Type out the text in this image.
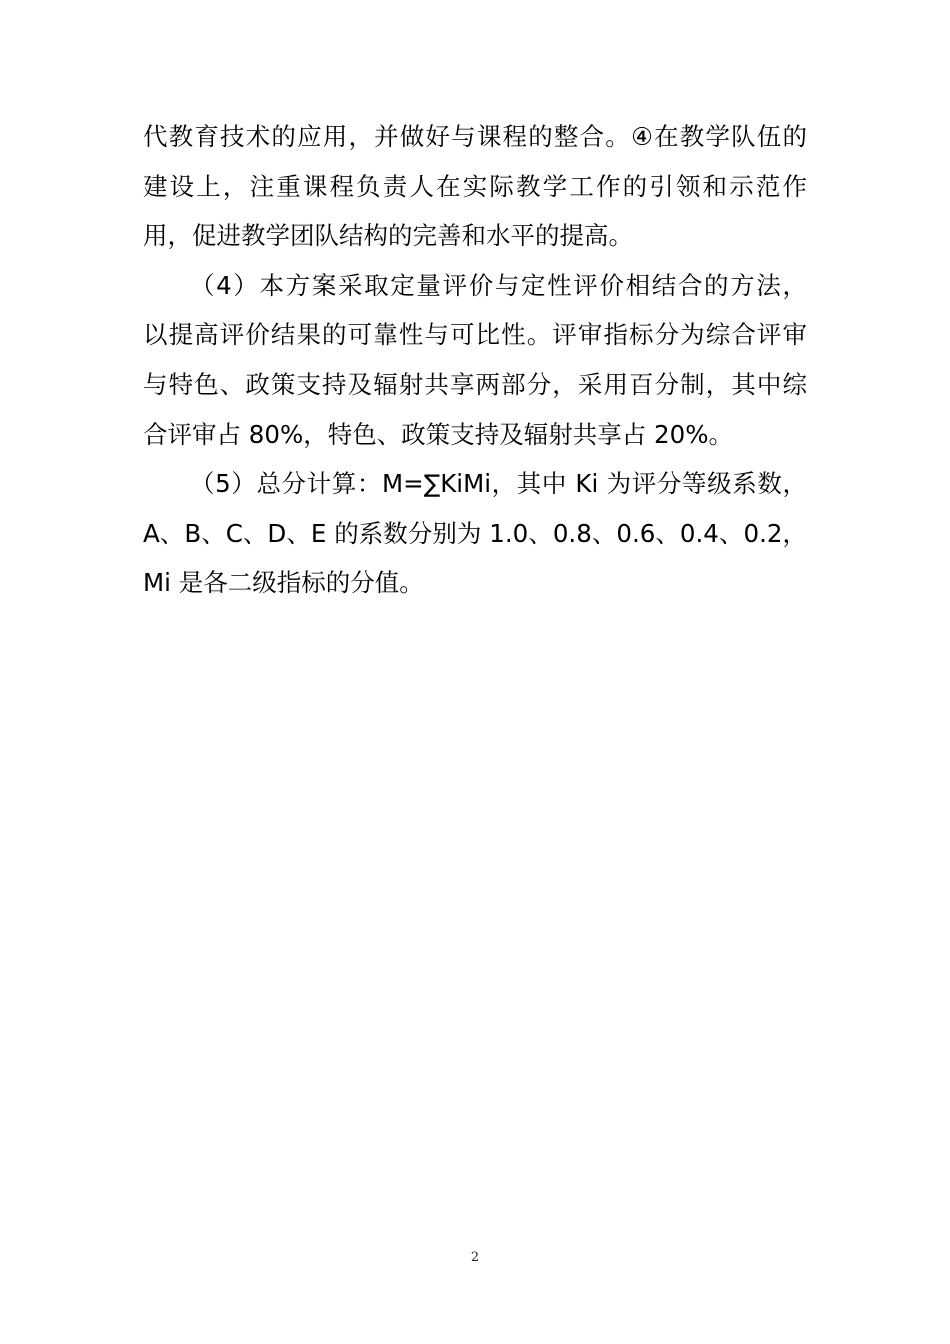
代教育技术的应用，并做好与课程的整合。④在教学队伍的
建设上，注重课程负责人在实际教学工作的引领和示范作
用，促进教学团队结构的完善和水平的提高。
（4）本方案采取定量评价与定性评价相结合的方法，
以提高评价结果的可靠性与可比性。评审指标分为综合评审
与特色、政策支持及辐射共享两部分，采用百分制，其中综
合评审占 80%，特色、政策支持及辐射共享占 20%。
（5）总分计算：M=∑KiMi，其中 Ki 为评分等级系数，
A、B、C、D、E 的系数分别为 1.0、0.8、0.6、0.4、0.2，
Mi 是各二级指标的分值。
2
